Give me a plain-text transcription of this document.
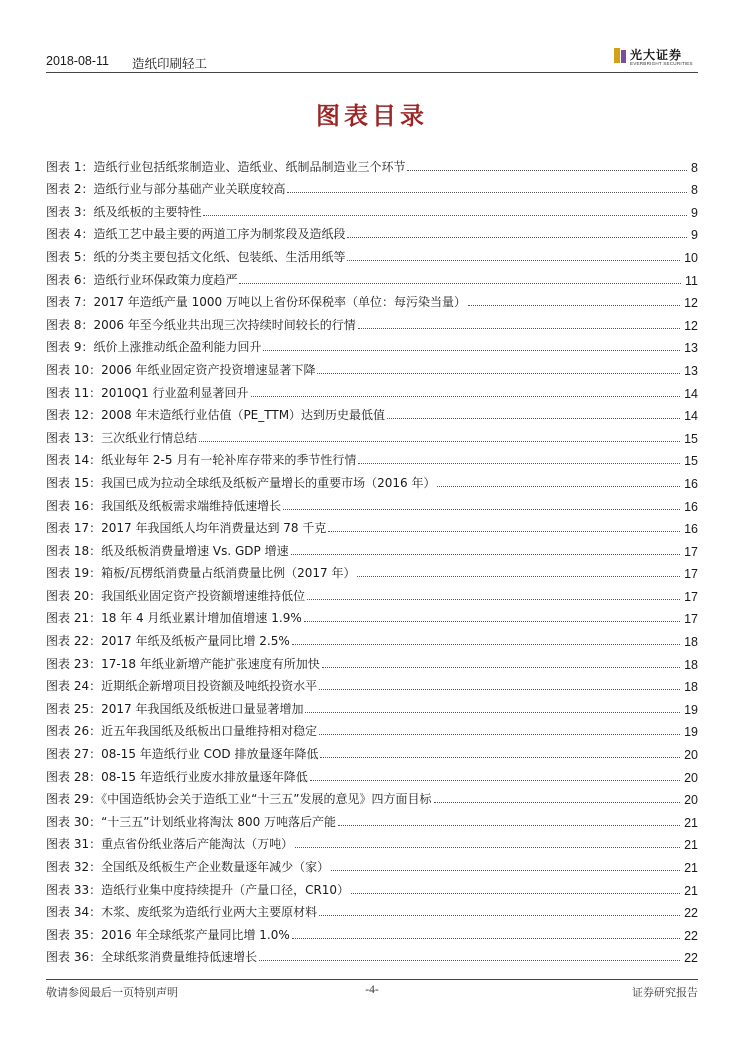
2018-08-11 造纸印刷轻工
光大证券
EVERBRIGHT SECURITIES
图表目录
图表 1：造纸行业包括纸浆制造业、造纸业、纸制品制造业三个环节	8
图表 2：造纸行业与部分基础产业关联度较高	8
图表 3：纸及纸板的主要特性	9
图表 4：造纸工艺中最主要的两道工序为制浆段及造纸段	9
图表 5：纸的分类主要包括文化纸、包装纸、生活用纸等	10
图表 6：造纸行业环保政策力度趋严	11
图表 7：2017 年造纸产量 1000 万吨以上省份环保税率（单位：每污染当量）	12
图表 8：2006 年至今纸业共出现三次持续时间较长的行情	12
图表 9：纸价上涨推动纸企盈利能力回升	13
图表 10：2006 年纸业固定资产投资增速显著下降	13
图表 11：2010Q1 行业盈利显著回升	14
图表 12：2008 年末造纸行业估值（PE_TTM）达到历史最低值	14
图表 13：三次纸业行情总结	15
图表 14：纸业每年 2-5 月有一轮补库存带来的季节性行情	15
图表 15：我国已成为拉动全球纸及纸板产量增长的重要市场（2016 年）	16
图表 16：我国纸及纸板需求端维持低速增长	16
图表 17：2017 年我国纸人均年消费量达到 78 千克	16
图表 18：纸及纸板消费量增速 Vs. GDP 增速	17
图表 19：箱板/瓦楞纸消费量占纸消费量比例（2017 年）	17
图表 20：我国纸业固定资产投资额增速维持低位	17
图表 21：18 年 4 月纸业累计增加值增速 1.9%	17
图表 22：2017 年纸及纸板产量同比增 2.5%	18
图表 23：17-18 年纸业新增产能扩张速度有所加快	18
图表 24：近期纸企新增项目投资额及吨纸投资水平	18
图表 25：2017 年我国纸及纸板进口量显著增加	19
图表 26：近五年我国纸及纸板出口量维持相对稳定	19
图表 27：08-15 年造纸行业 COD 排放量逐年降低	20
图表 28：08-15 年造纸行业废水排放量逐年降低	20
图表 29：《中国造纸协会关于造纸工业“十三五”发展的意见》四方面目标	20
图表 30：“十三五”计划纸业将淘汰 800 万吨落后产能	21
图表 31：重点省份纸业落后产能淘汰（万吨）	21
图表 32：全国纸及纸板生产企业数量逐年减少（家）	21
图表 33：造纸行业集中度持续提升（产量口径，CR10）	21
图表 34：木浆、废纸浆为造纸行业两大主要原材料	22
图表 35：2016 年全球纸浆产量同比增 1.0%	22
图表 36：全球纸浆消费量维持低速增长	22
敬请参阅最后一页特别声明	-4-	证券研究报告
